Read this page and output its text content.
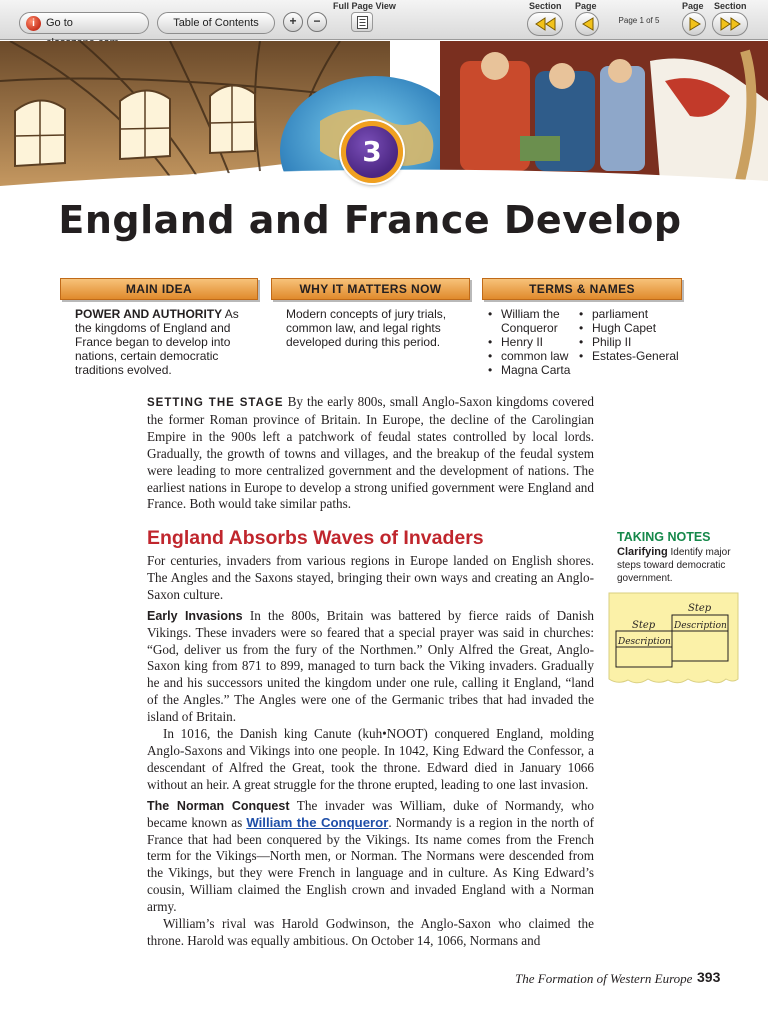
i	Go to	Table of Contents	+	−
Full Page View	Section Page	Page Section
Page 1 of 5
3
England and France Develop
MAIN IDEA	WHY IT MATTERS NOW	TERMS & NAMES
POWER AND AUTHORITY As the kingdoms of England and France began to develop into nations, certain democratic traditions evolved.
Modern concepts of jury trials, common law, and legal rights developed during this period.
• William the Conqueror
• Henry II
• common law
• Magna Carta
• parliament
• Hugh Capet
• Philip II
• Estates-General

SETTING THE STAGE By the early 800s, small Anglo-Saxon kingdoms covered the former Roman province of Britain. In Europe, the decline of the Carolingian Empire in the 900s left a patchwork of feudal states controlled by local lords. Gradually, the growth of towns and villages, and the breakup of the feudal system were leading to more centralized government and the development of nations. The earliest nations in Europe to develop a strong unified government were England and France. Both would take similar paths.

England Absorbs Waves of Invaders

For centuries, invaders from various regions in Europe landed on English shores. The Angles and the Saxons stayed, bringing their own ways and creating an Anglo-Saxon culture.

Early Invasions In the 800s, Britain was battered by fierce raids of Danish Vikings. These invaders were so feared that a special prayer was said in churches: “God, deliver us from the fury of the Northmen.” Only Alfred the Great, Anglo-Saxon king from 871 to 899, managed to turn back the Viking invaders. Gradually he and his successors united the kingdom under one rule, calling it England, “land of the Angles.” The Angles were one of the Germanic tribes that had invaded the island of Britain.

In 1016, the Danish king Canute (kuh•NOOT) conquered England, molding Anglo-Saxons and Vikings into one people. In 1042, King Edward the Confessor, a descendant of Alfred the Great, took the throne. Edward died in January 1066 without an heir. A great struggle for the throne erupted, leading to one last invasion.

The Norman Conquest The invader was William, duke of Normandy, who became known as William the Conqueror. Normandy is a region in the north of France that had been conquered by the Vikings. Its name comes from the French term for the Vikings—North men, or Norman. The Normans were descended from the Vikings, but they were French in language and in culture. As King Edward’s cousin, William claimed the English crown and invaded England with a Norman army.

William’s rival was Harold Godwinson, the Anglo-Saxon who claimed the throne. Harold was equally ambitious. On October 14, 1066, Normans and

TAKING NOTES
Clarifying Identify major steps toward democratic government.
Step
Description
Step
Description
The Formation of Western Europe 393
